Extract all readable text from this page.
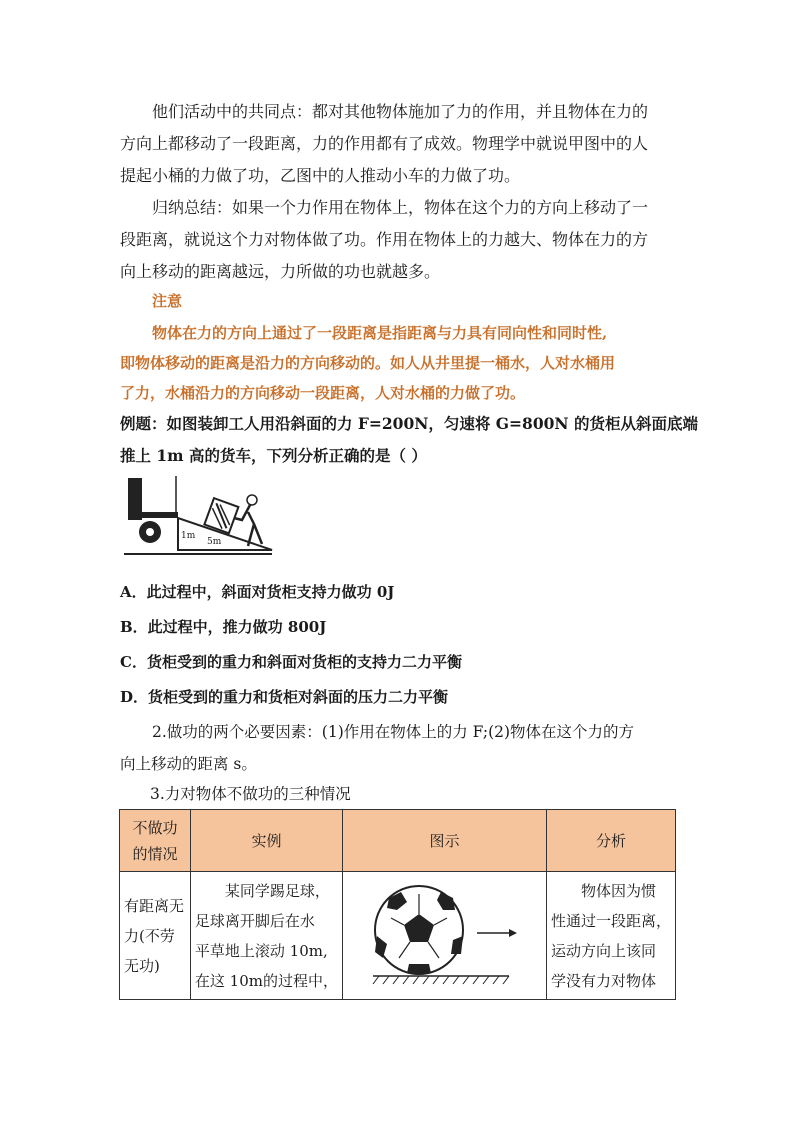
他们活动中的共同点：都对其他物体施加了力的作用，并且物体在力的
方向上都移动了一段距离，力的作用都有了成效。物理学中就说甲图中的人
提起小桶的力做了功，乙图中的人推动小车的力做了功。
归纳总结：如果一个力作用在物体上，物体在这个力的方向上移动了一
段距离，就说这个力对物体做了功。作用在物体上的力越大、物体在力的方
向上移动的距离越远，力所做的功也就越多。
注意
物体在力的方向上通过了一段距离是指距离与力具有同向性和同时性,
即物体移动的距离是沿力的方向移动的。如人从井里提一桶水，人对水桶用
了力，水桶沿力的方向移动一段距离，人对水桶的力做了功。
例题：如图装卸工人用沿斜面的力 F=200N，匀速将 G=800N 的货柜从斜面底端
推上 1m 高的货车，下列分析正确的是（ ）
1m
5m
A．此过程中，斜面对货柜支持力做功 0J
B．此过程中，推力做功 800J
C．货柜受到的重力和斜面对货柜的支持力二力平衡
D．货柜受到的重力和货柜对斜面的压力二力平衡
2.做功的两个必要因素：(1)作用在物体上的力 F;(2)物体在这个力的方
向上移动的距离 s。
3.力对物体不做功的三种情况
不做功
的情况	实例	图示	分析

有距离无
力(不劳
无功)	某同学踢足球，
足球离开脚后在水
平草地上滚动 10m,
在这 10m的过程中，		物体因为惯
性通过一段距离，
运动方向上该同
学没有力对物体
